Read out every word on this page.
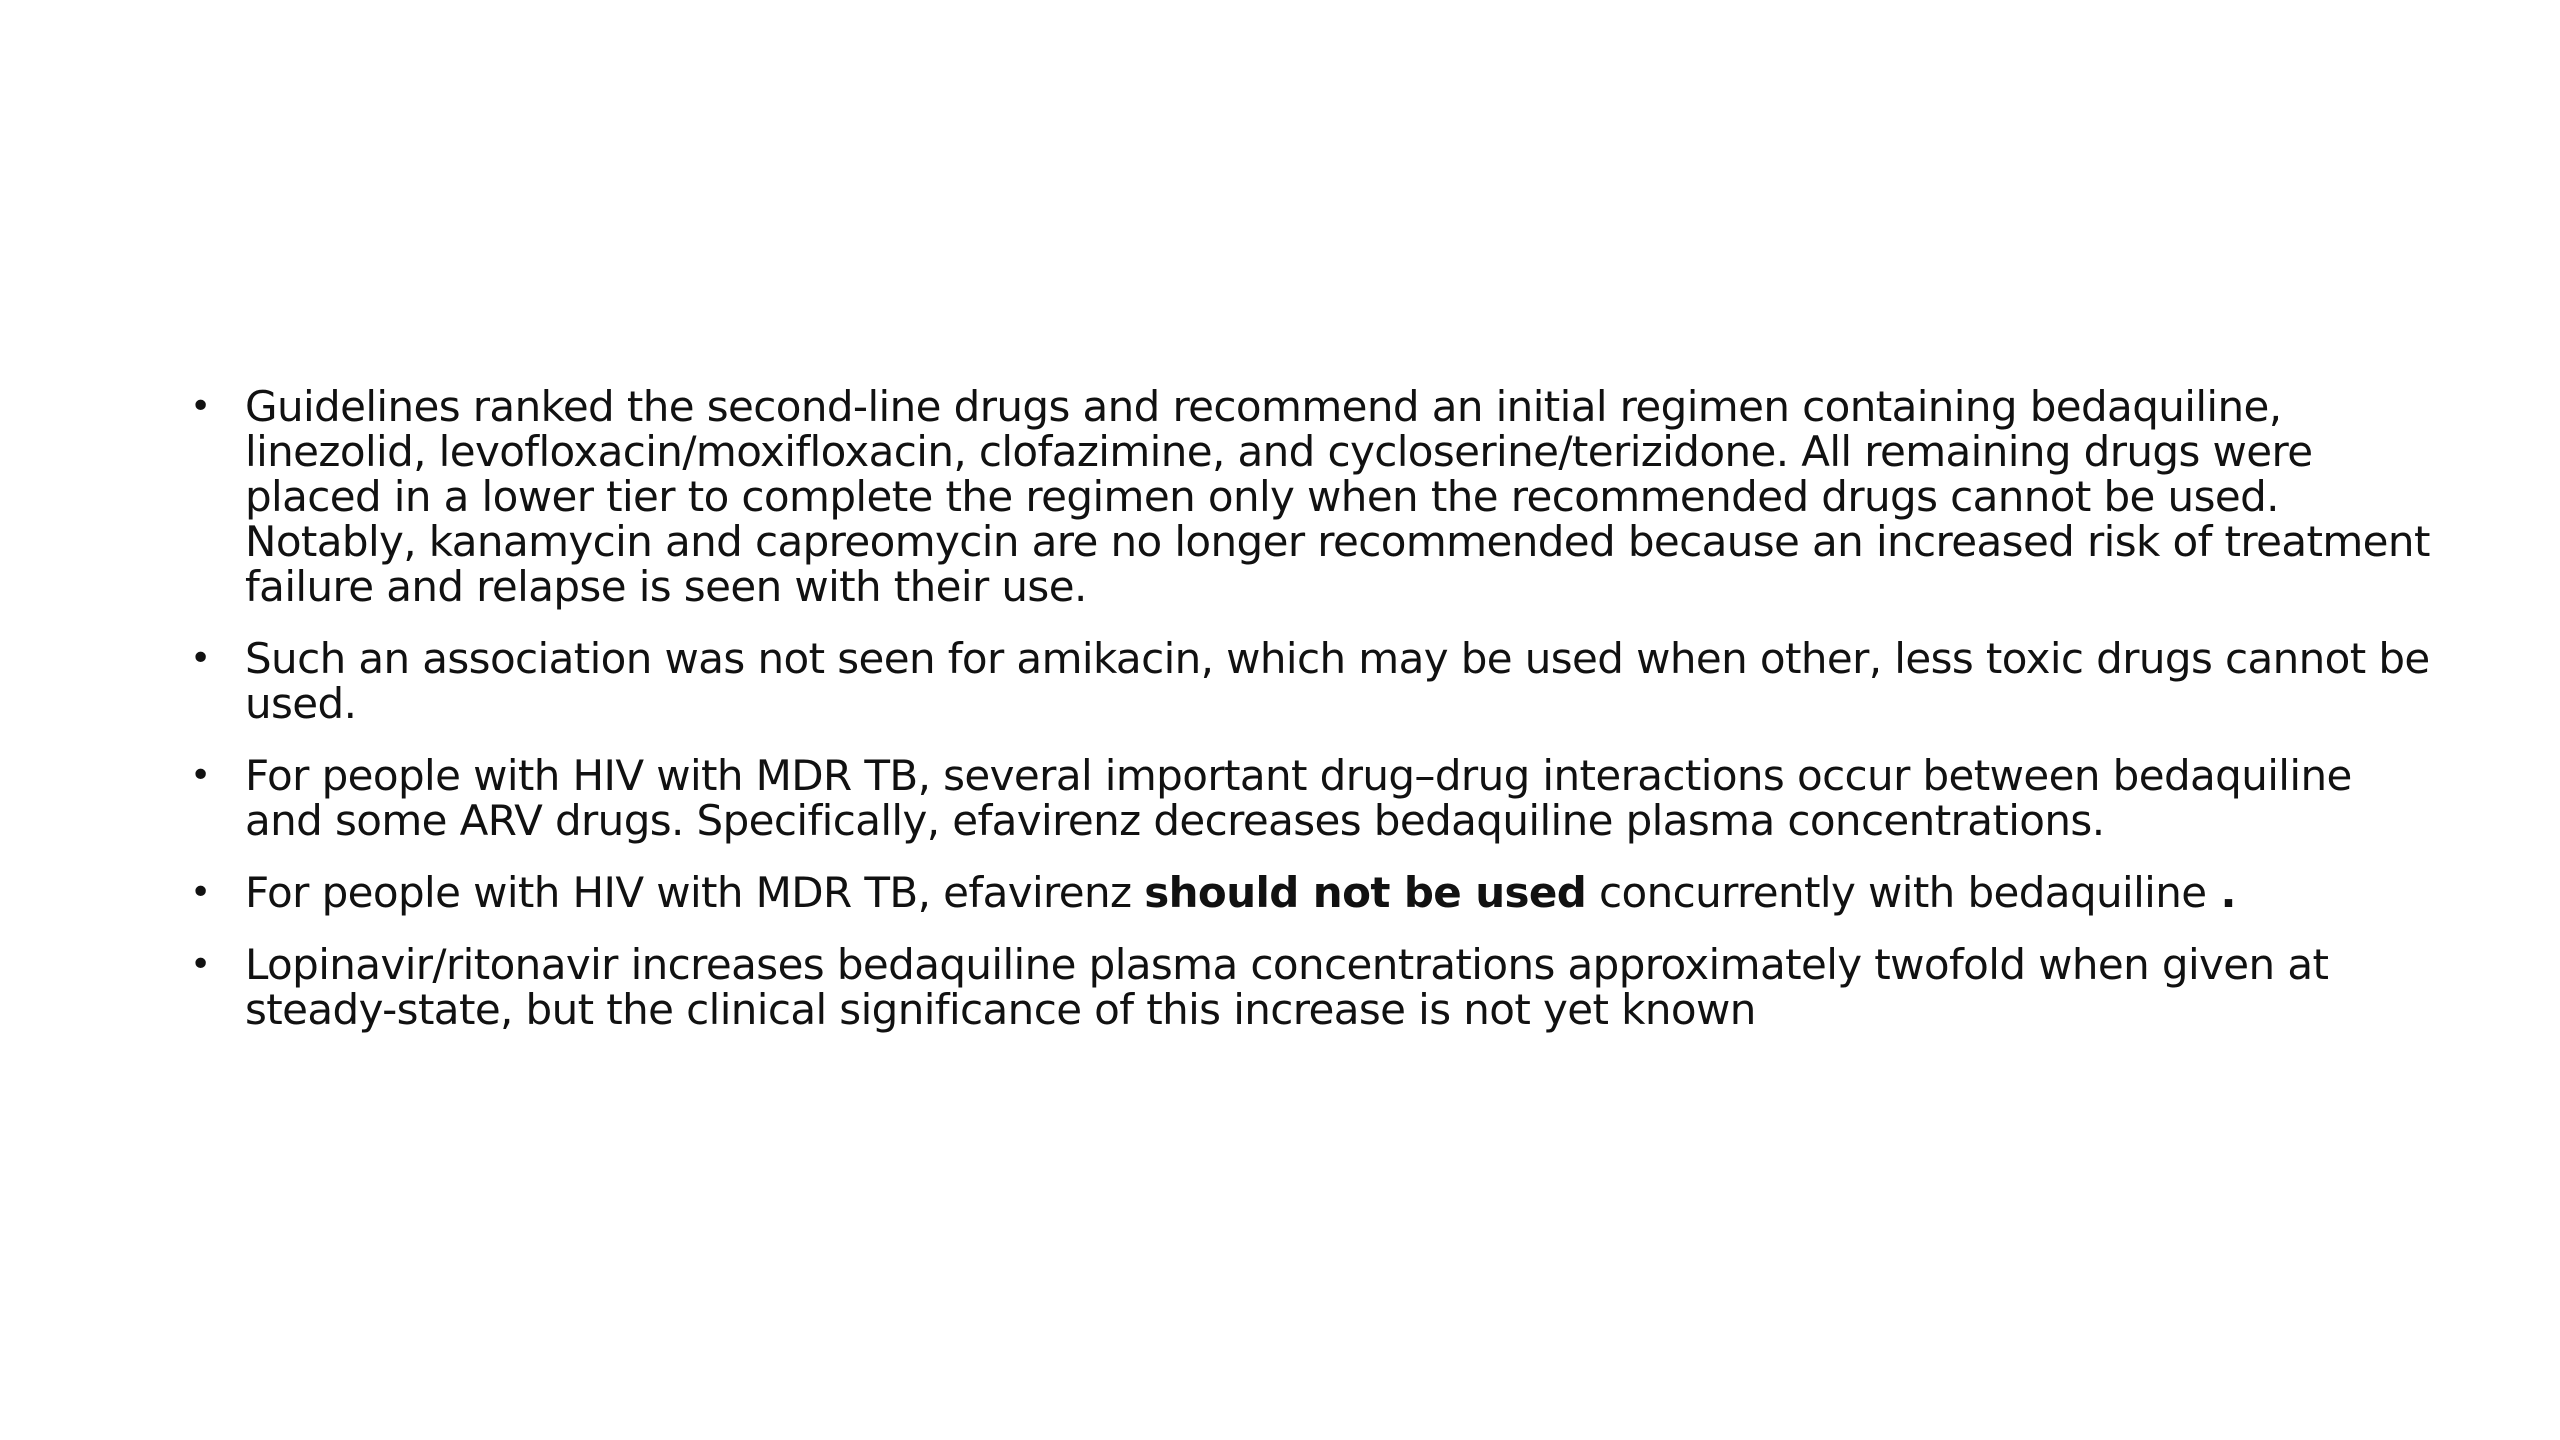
• Guidelines ranked the second-line drugs and recommend an initial regimen containing bedaquiline, linezolid, levofloxacin/moxifloxacin, clofazimine, and cycloserine/terizidone. All remaining drugs were placed in a lower tier to complete the regimen only when the recommended drugs cannot be used. Notably, kanamycin and capreomycin are no longer recommended because an increased risk of treatment failure and relapse is seen with their use.
• Such an association was not seen for amikacin, which may be used when other, less toxic drugs cannot be used.
• For people with HIV with MDR TB, several important drug–drug interactions occur between bedaquiline and some ARV drugs. Specifically, efavirenz decreases bedaquiline plasma concentrations.
• For people with HIV with MDR TB, efavirenz should not be used concurrently with bedaquiline .
• Lopinavir/ritonavir increases bedaquiline plasma concentrations approximately twofold when given at steady-state, but the clinical significance of this increase is not yet known
